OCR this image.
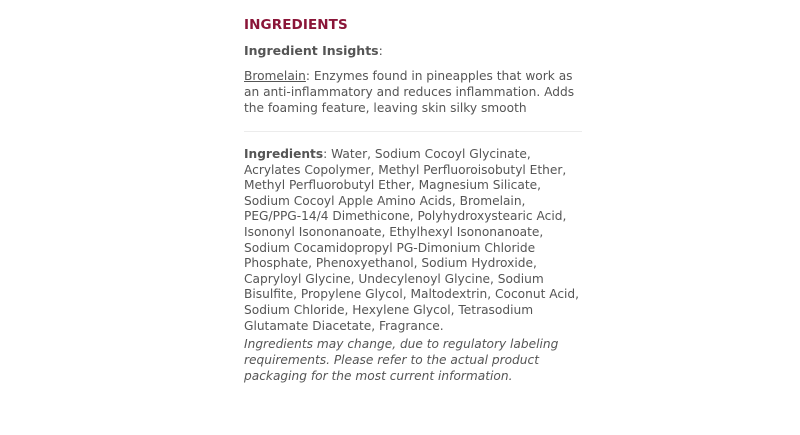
INGREDIENTS

Ingredient Insights:

Bromelain: Enzymes found in pineapples that work as an anti-inflammatory and reduces inflammation. Adds the foaming feature, leaving skin silky smooth

Ingredients: Water, Sodium Cocoyl Glycinate, Acrylates Copolymer, Methyl Perfluoroisobutyl Ether, Methyl Perfluorobutyl Ether, Magnesium Silicate, Sodium Cocoyl Apple Amino Acids, Bromelain, PEG/PPG-14/4 Dimethicone, Polyhydroxystearic Acid, Isononyl Isononanoate, Ethylhexyl Isononanoate, Sodium Cocamidopropyl PG-Dimonium Chloride Phosphate, Phenoxyethanol, Sodium Hydroxide, Capryloyl Glycine, Undecylenoyl Glycine, Sodium Bisulfite, Propylene Glycol, Maltodextrin, Coconut Acid, Sodium Chloride, Hexylene Glycol, Tetrasodium Glutamate Diacetate, Fragrance.

Ingredients may change, due to regulatory labeling requirements. Please refer to the actual product packaging for the most current information.
